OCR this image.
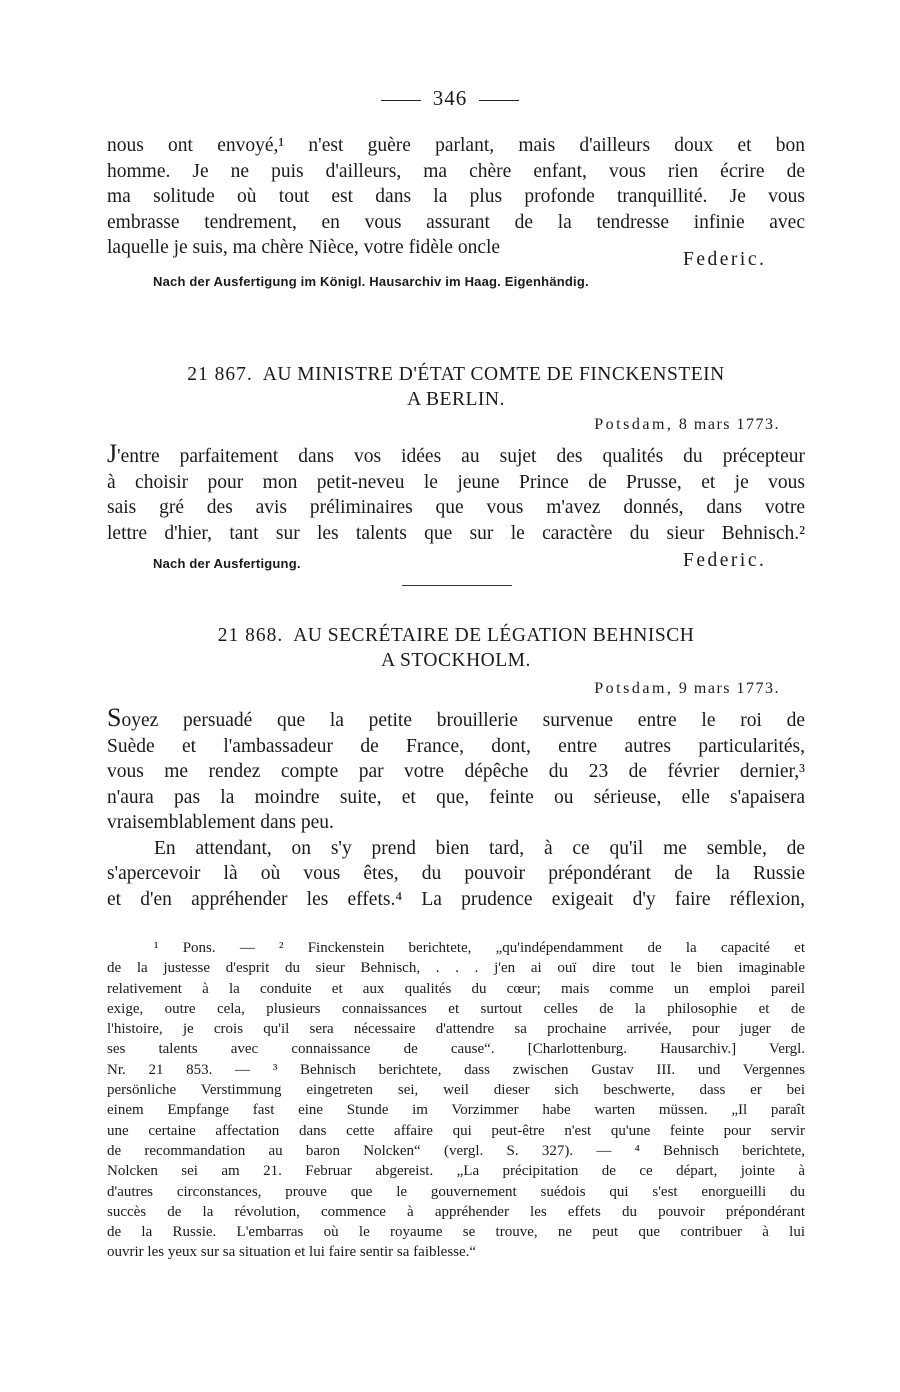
346

nous ont envoyé,¹ n'est guère parlant, mais d'ailleurs doux et bon

homme. Je ne puis d'ailleurs, ma chère enfant, vous rien écrire de

ma solitude où tout est dans la plus profonde tranquillité. Je vous

embrasse tendrement, en vous assurant de la tendresse infinie avec

laquelle je suis, ma chère Nièce, votre fidèle oncle

Federic.
Nach der Ausfertigung im Königl. Hausarchiv im Haag. Eigenhändig.
21 867. AU MINISTRE D'ÉTAT COMTE DE FINCKENSTEIN
A BERLIN.
Potsdam, 8 mars 1773.

J'entre parfaitement dans vos idées au sujet des qualités du précepteur

à choisir pour mon petit-neveu le jeune Prince de Prusse, et je vous

sais gré des avis préliminaires que vous m'avez donnés, dans votre

lettre d'hier, tant sur les talents que sur le caractère du sieur Behnisch.²

Nach der Ausfertigung.	Federic.
21 868. AU SECRÉTAIRE DE LÉGATION BEHNISCH
A STOCKHOLM.
Potsdam, 9 mars 1773.

Soyez persuadé que la petite brouillerie survenue entre le roi de

Suède et l'ambassadeur de France, dont, entre autres particularités,

vous me rendez compte par votre dépêche du 23 de février dernier,³

n'aura pas la moindre suite, et que, feinte ou sérieuse, elle s'apaisera

vraisemblablement dans peu.

En attendant, on s'y prend bien tard, à ce qu'il me semble, de

s'apercevoir là où vous êtes, du pouvoir prépondérant de la Russie

et d'en appréhender les effets.⁴ La prudence exigeait d'y faire réflexion,

¹ Pons. — ² Finckenstein berichtete, „qu'indépendamment de la capacité et

de la justesse d'esprit du sieur Behnisch, . . . j'en ai ouï dire tout le bien imaginable

relativement à la conduite et aux qualités du cœur; mais comme un emploi pareil

exige, outre cela, plusieurs connaissances et surtout celles de la philosophie et de

l'histoire, je crois qu'il sera nécessaire d'attendre sa prochaine arrivée, pour juger de

ses talents avec connaissance de cause“. [Charlottenburg. Hausarchiv.] Vergl.

Nr. 21 853. — ³ Behnisch berichtete, dass zwischen Gustav III. und Vergennes

persönliche Verstimmung eingetreten sei, weil dieser sich beschwerte, dass er bei

einem Empfange fast eine Stunde im Vorzimmer habe warten müssen. „Il paraît

une certaine affectation dans cette affaire qui peut-être n'est qu'une feinte pour servir

de recommandation au baron Nolcken“ (vergl. S. 327). — ⁴ Behnisch berichtete,

Nolcken sei am 21. Februar abgereist. „La précipitation de ce départ, jointe à

d'autres circonstances, prouve que le gouvernement suédois qui s'est enorgueilli du

succès de la révolution, commence à appréhender les effets du pouvoir prépondérant

de la Russie. L'embarras où le royaume se trouve, ne peut que contribuer à lui

ouvrir les yeux sur sa situation et lui faire sentir sa faiblesse.“
